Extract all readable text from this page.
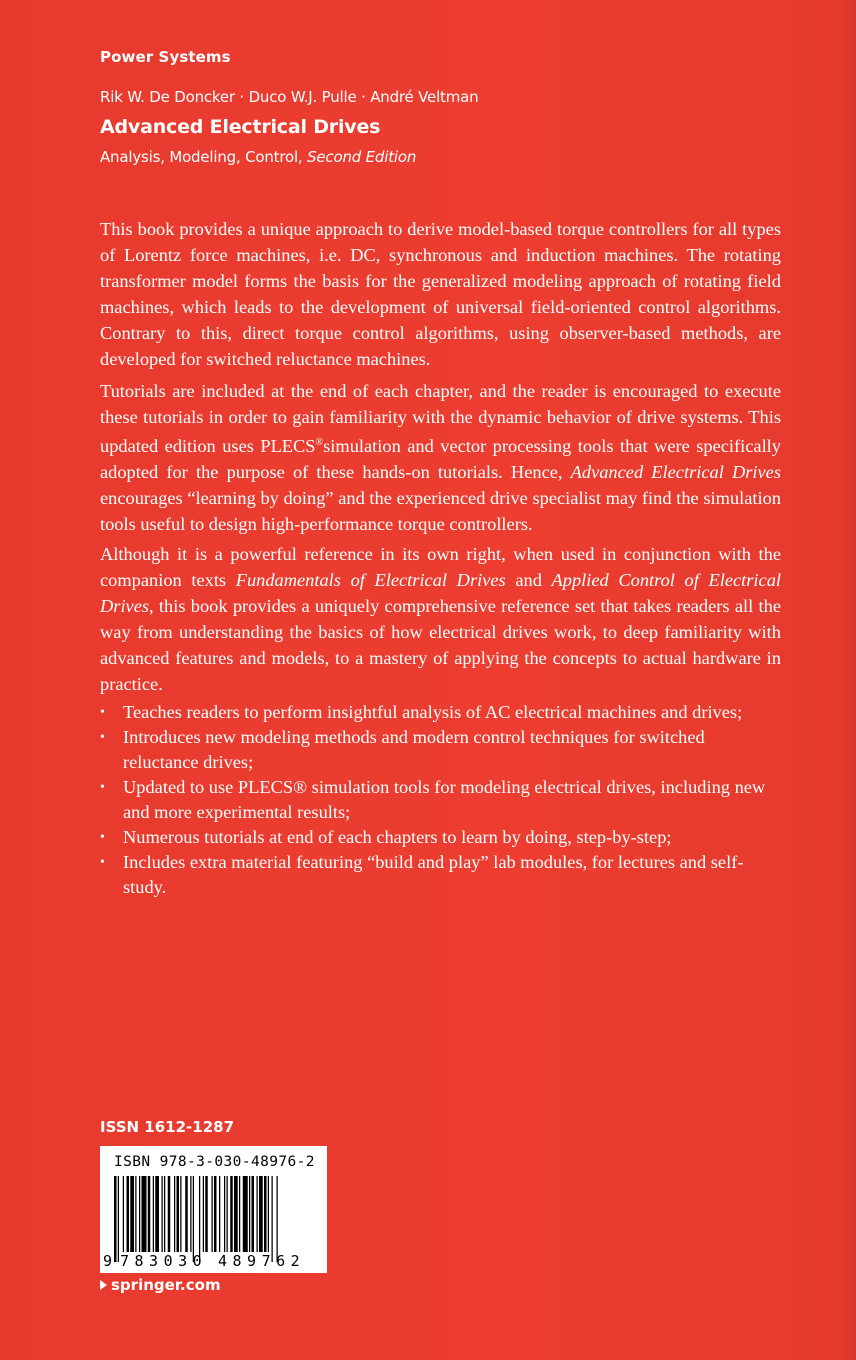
Power Systems
Rik W. De Doncker · Duco W.J. Pulle · André Veltman
Advanced Electrical Drives
Analysis, Modeling, Control, Second Edition
This book provides a unique approach to derive model-based torque controllers for all types of Lorentz force machines, i.e. DC, synchronous and induction machines. The rotating transformer model forms the basis for the generalized modeling approach of rotating field machines, which leads to the development of universal field-oriented control algorithms. Contrary to this, direct torque control algorithms, using observer-based methods, are developed for switched reluctance machines.
Tutorials are included at the end of each chapter, and the reader is encouraged to execute these tutorials in order to gain familiarity with the dynamic behavior of drive systems. This updated edition uses PLECS®simulation and vector processing tools that were specifically adopted for the purpose of these hands-on tutorials. Hence, Advanced Electrical Drives encourages “learning by doing” and the experienced drive specialist may find the simulation tools useful to design high-performance torque controllers.
Although it is a powerful reference in its own right, when used in conjunction with the companion texts Fundamentals of Electrical Drives and Applied Control of Electrical Drives, this book provides a uniquely comprehensive reference set that takes readers all the way from understanding the basics of how electrical drives work, to deep familiarity with advanced features and models, to a mastery of applying the concepts to actual hardware in practice.
• Teaches readers to perform insightful analysis of AC electrical machines and drives;
• Introduces new modeling methods and modern control techniques for switched reluctance drives;
• Updated to use PLECS® simulation tools for modeling electrical drives, including new and more experimental results;
• Numerous tutorials at end of each chapters to learn by doing, step-by-step;
• Includes extra material featuring “build and play” lab modules, for lectures and self-study.
ISSN 1612-1287
ISBN 978-3-030-48976-2
9 783030 489762
springer.com
